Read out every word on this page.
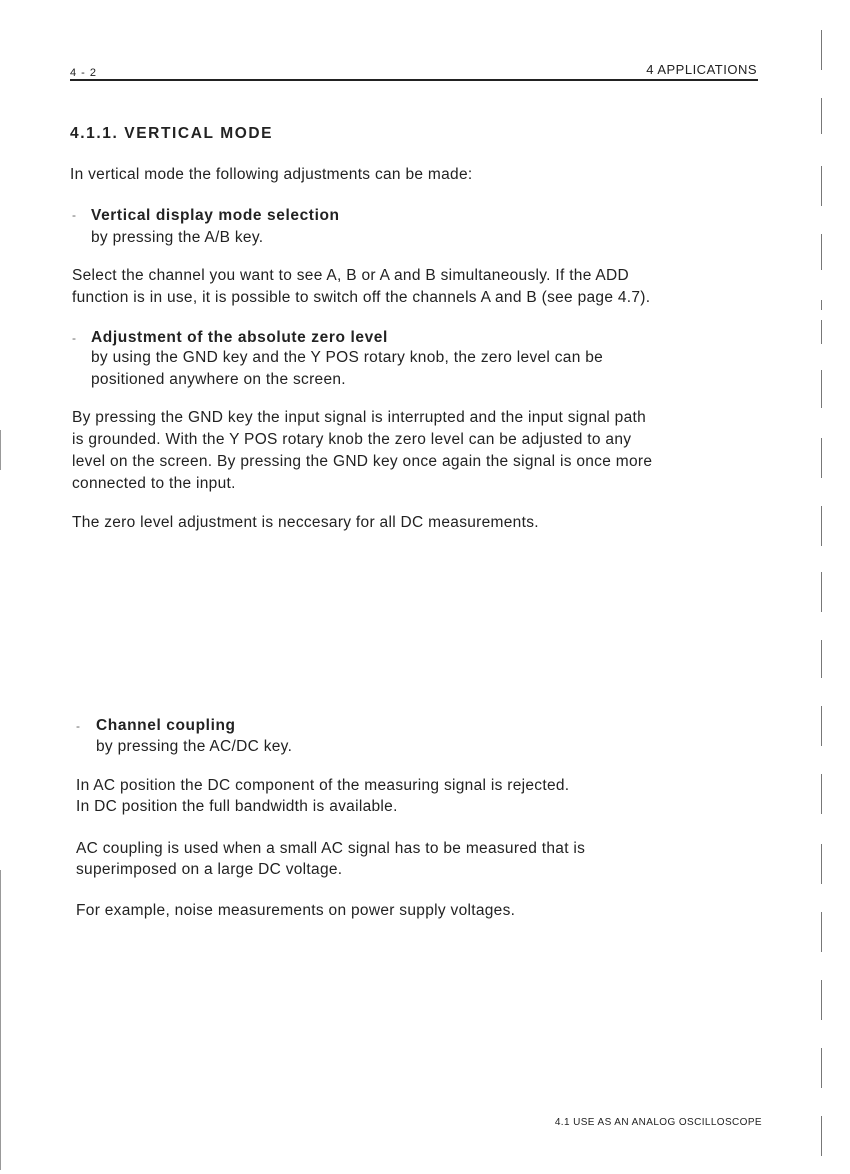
4 - 2	4 APPLICATIONS
4.1.1. VERTICAL MODE
In vertical mode the following adjustments can be made:
- Vertical display mode selection
by pressing the A/B key.
Select the channel you want to see A, B or A and B simultaneously. If the ADD
function is in use, it is possible to switch off the channels A and B (see page 4.7).
- Adjustment of the absolute zero level
by using the GND key and the Y POS rotary knob, the zero level can be
positioned anywhere on the screen.
By pressing the GND key the input signal is interrupted and the input signal path
is grounded. With the Y POS rotary knob the zero level can be adjusted to any
level on the screen. By pressing the GND key once again the signal is once more
connected to the input.
The zero level adjustment is neccesary for all DC measurements.
- Channel coupling
by pressing the AC/DC key.
In AC position the DC component of the measuring signal is rejected.
In DC position the full bandwidth is available.
AC coupling is used when a small AC signal has to be measured that is
superimposed on a large DC voltage.
For example, noise measurements on power supply voltages.
4.1 USE AS AN ANALOG OSCILLOSCOPE
